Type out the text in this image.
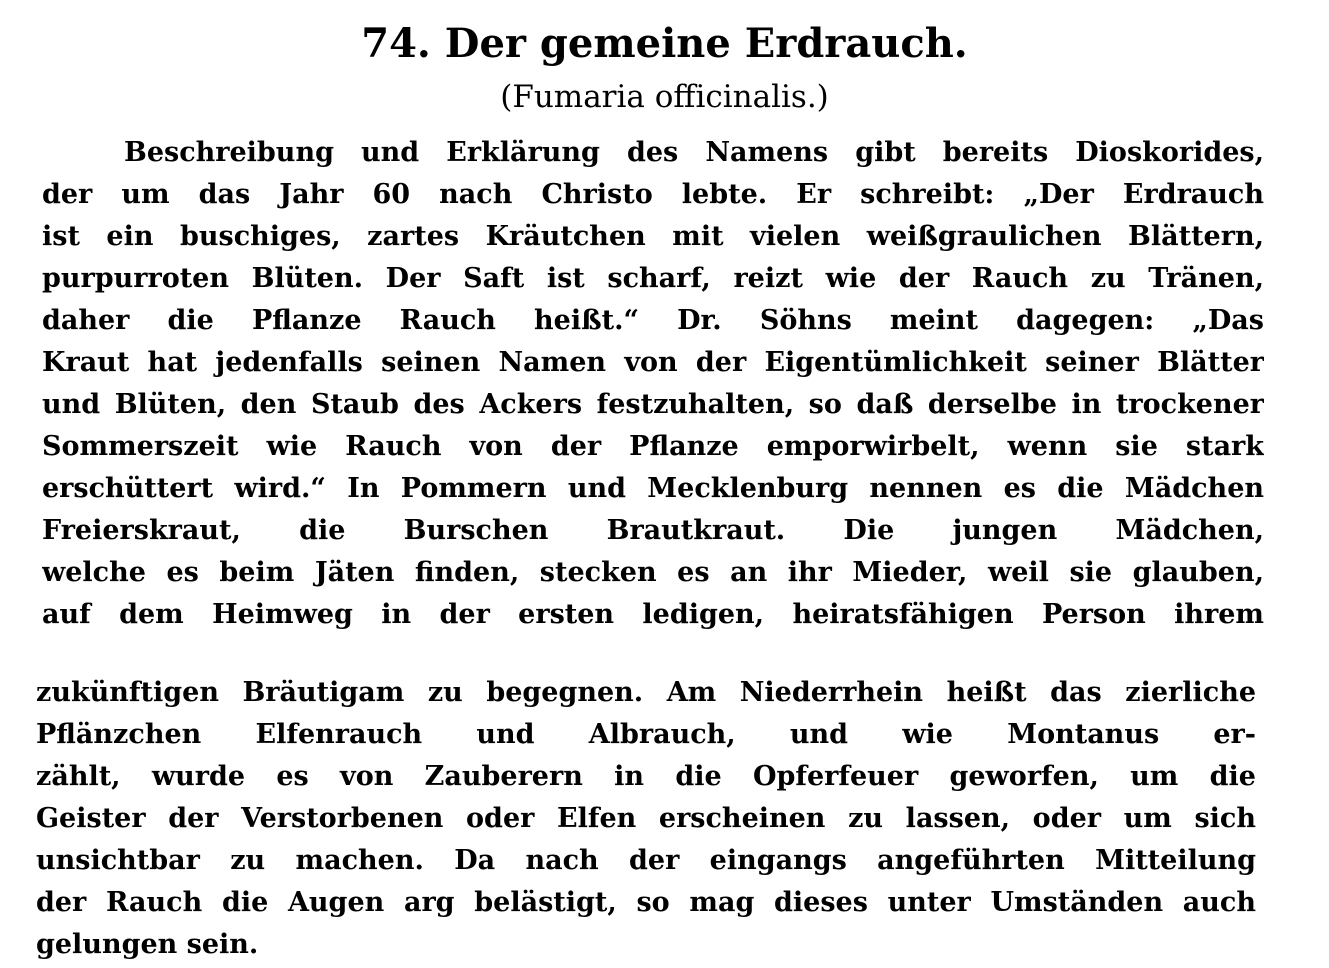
74. Der gemeine Erdrauch.
(Fumaria officinalis.)
Beschreibung und Erklärung des Namens gibt bereits Dioskorides,
der um das Jahr 60 nach Christo lebte. Er schreibt: „Der Erdrauch
ist ein buschiges, zartes Kräutchen mit vielen weißgraulichen Blättern,
purpurroten Blüten. Der Saft ist scharf, reizt wie der Rauch zu Tränen,
daher die Pflanze Rauch heißt.“ Dr. Söhns meint dagegen: „Das
Kraut hat jedenfalls seinen Namen von der Eigentümlichkeit seiner Blätter
und Blüten, den Staub des Ackers festzuhalten, so daß derselbe in trockener
Sommerszeit wie Rauch von der Pflanze emporwirbelt, wenn sie stark
erschüttert wird.“ In Pommern und Mecklenburg nennen es die Mädchen
Freierskraut, die Burschen Brautkraut. Die jungen Mädchen,
welche es beim Jäten finden, stecken es an ihr Mieder, weil sie glauben,
auf dem Heimweg in der ersten ledigen, heiratsfähigen Person ihrem
zukünftigen Bräutigam zu begegnen. Am Niederrhein heißt das zierliche
Pflänzchen Elfenrauch und Albrauch, und wie Montanus er-
zählt, wurde es von Zauberern in die Opferfeuer geworfen, um die
Geister der Verstorbenen oder Elfen erscheinen zu lassen, oder um sich
unsichtbar zu machen. Da nach der eingangs angeführten Mitteilung
der Rauch die Augen arg belästigt, so mag dieses unter Umständen auch
gelungen sein.
